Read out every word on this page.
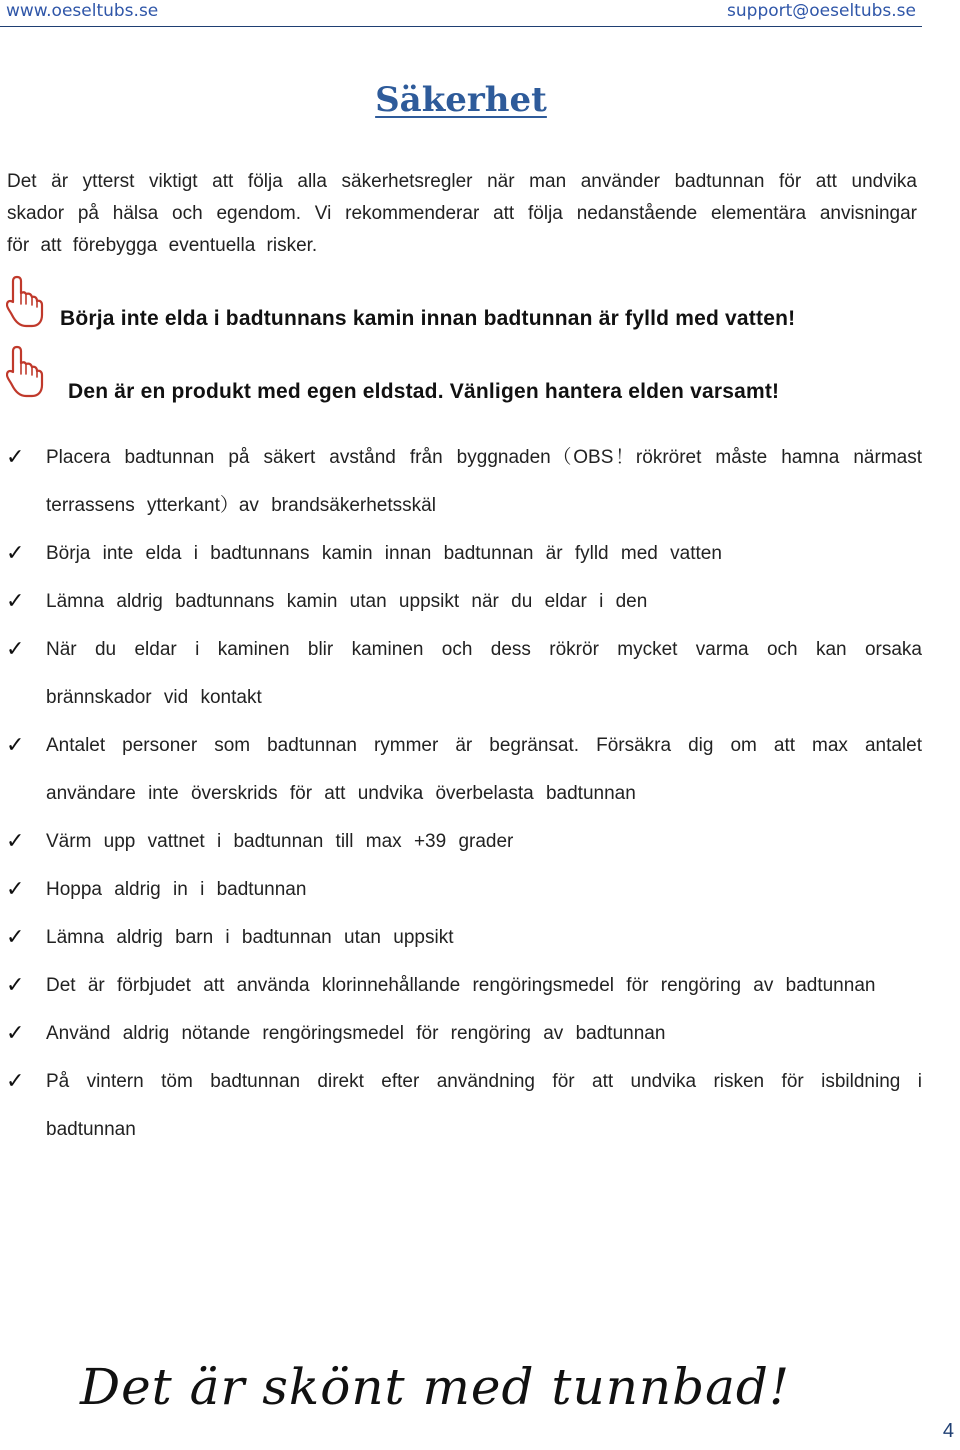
www.oeseltubs.se	support@oeseltubs.se
Säkerhet

Det är ytterst viktigt att följa alla säkerhetsregler när man använder badtunnan för att undvika skador på hälsa och egendom. Vi rekommenderar att följa nedanstående elementära anvisningar för att förebygga eventuella risker.

Börja inte elda i badtunnans kamin innan badtunnan är fylld med vatten!
Den är en produkt med egen eldstad. Vänligen hantera elden varsamt!
✓ Placera badtunnan på säkert avstånd från byggnaden（OBS！rökröret måste hamna närmast terrassens ytterkant）av brandsäkerhetsskäl
✓ Börja inte elda i badtunnans kamin innan badtunnan är fylld med vatten
✓ Lämna aldrig badtunnans kamin utan uppsikt när du eldar i den
✓ När du eldar i kaminen blir kaminen och dess rökrör mycket varma och kan orsaka brännskador vid kontakt
✓ Antalet personer som badtunnan rymmer är begränsat. Försäkra dig om att max antalet användare inte överskrids för att undvika överbelasta badtunnan
✓ Värm upp vattnet i badtunnan till max +39 grader
✓ Hoppa aldrig in i badtunnan
✓ Lämna aldrig barn i badtunnan utan uppsikt
✓ Det är förbjudet att använda klorinnehållande rengöringsmedel för rengöring av badtunnan
✓ Använd aldrig nötande rengöringsmedel för rengöring av badtunnan
✓ På vintern töm badtunnan direkt efter användning för att undvika risken för isbildning i badtunnan
Det är skönt med tunnbad!
4
